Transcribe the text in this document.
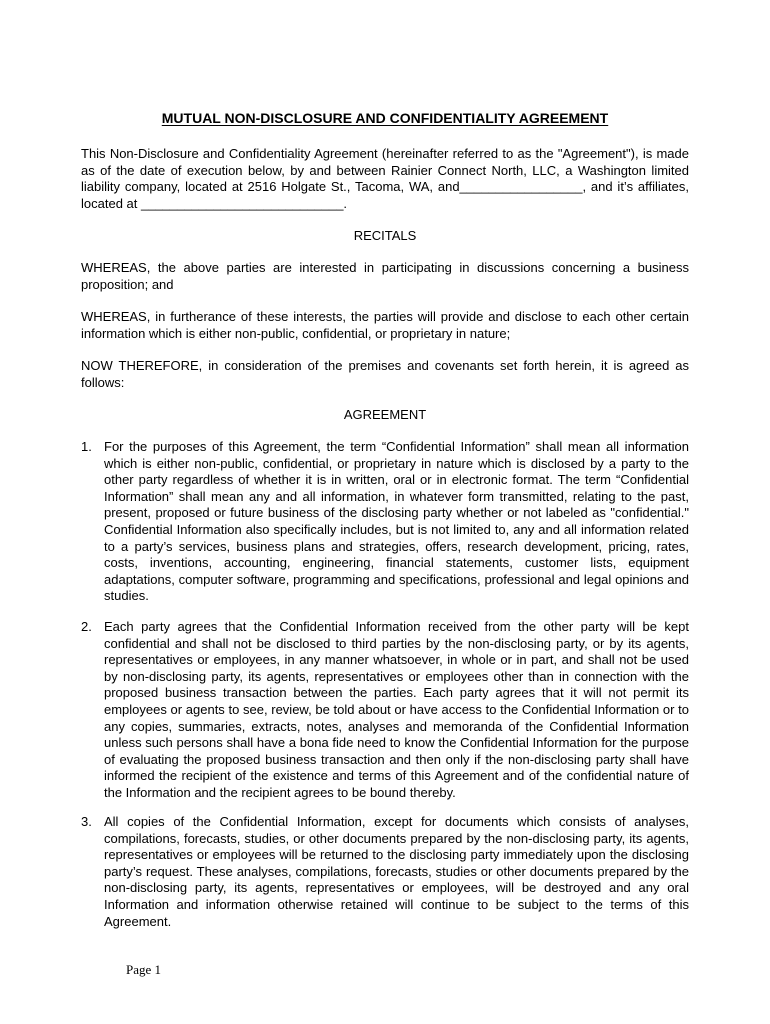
MUTUAL NON-DISCLOSURE AND CONFIDENTIALITY AGREEMENT
This Non-Disclosure and Confidentiality Agreement (hereinafter referred to as the "Agreement"), is made as of the date of execution below, by and between Rainier Connect North, LLC, a Washington limited liability company, located at 2516 Holgate St., Tacoma, WA, and_________________, and it’s affiliates, located at ____________________________.
RECITALS
WHEREAS, the above parties are interested in participating in discussions concerning a business proposition; and
WHEREAS, in furtherance of these interests, the parties will provide and disclose to each other certain information which is either non-public, confidential, or proprietary in nature;
NOW THEREFORE, in consideration of the premises and covenants set forth herein, it is agreed as follows:
AGREEMENT
1. For the purposes of this Agreement, the term “Confidential Information” shall mean all information which is either non-public, confidential, or proprietary in nature which is disclosed by a party to the other party regardless of whether it is in written, oral or in electronic format. The term “Confidential Information” shall mean any and all information, in whatever form transmitted, relating to the past, present, proposed or future business of the disclosing party whether or not labeled as "confidential." Confidential Information also specifically includes, but is not limited to, any and all information related to a party’s services, business plans and strategies, offers, research development, pricing, rates, costs, inventions, accounting, engineering, financial statements, customer lists, equipment adaptations, computer software, programming and specifications, professional and legal opinions and studies.
2. Each party agrees that the Confidential Information received from the other party will be kept confidential and shall not be disclosed to third parties by the non-disclosing party, or by its agents, representatives or employees, in any manner whatsoever, in whole or in part, and shall not be used by non-disclosing party, its agents, representatives or employees other than in connection with the proposed business transaction between the parties. Each party agrees that it will not permit its employees or agents to see, review, be told about or have access to the Confidential Information or to any copies, summaries, extracts, notes, analyses and memoranda of the Confidential Information unless such persons shall have a bona fide need to know the Confidential Information for the purpose of evaluating the proposed business transaction and then only if the non-disclosing party shall have informed the recipient of the existence and terms of this Agreement and of the confidential nature of the Information and the recipient agrees to be bound thereby.
3. All copies of the Confidential Information, except for documents which consists of analyses, compilations, forecasts, studies, or other documents prepared by the non-disclosing party, its agents, representatives or employees will be returned to the disclosing party immediately upon the disclosing party’s request. These analyses, compilations, forecasts, studies or other documents prepared by the non-disclosing party, its agents, representatives or employees, will be destroyed and any oral Information and information otherwise retained will continue to be subject to the terms of this Agreement.
Page 1
